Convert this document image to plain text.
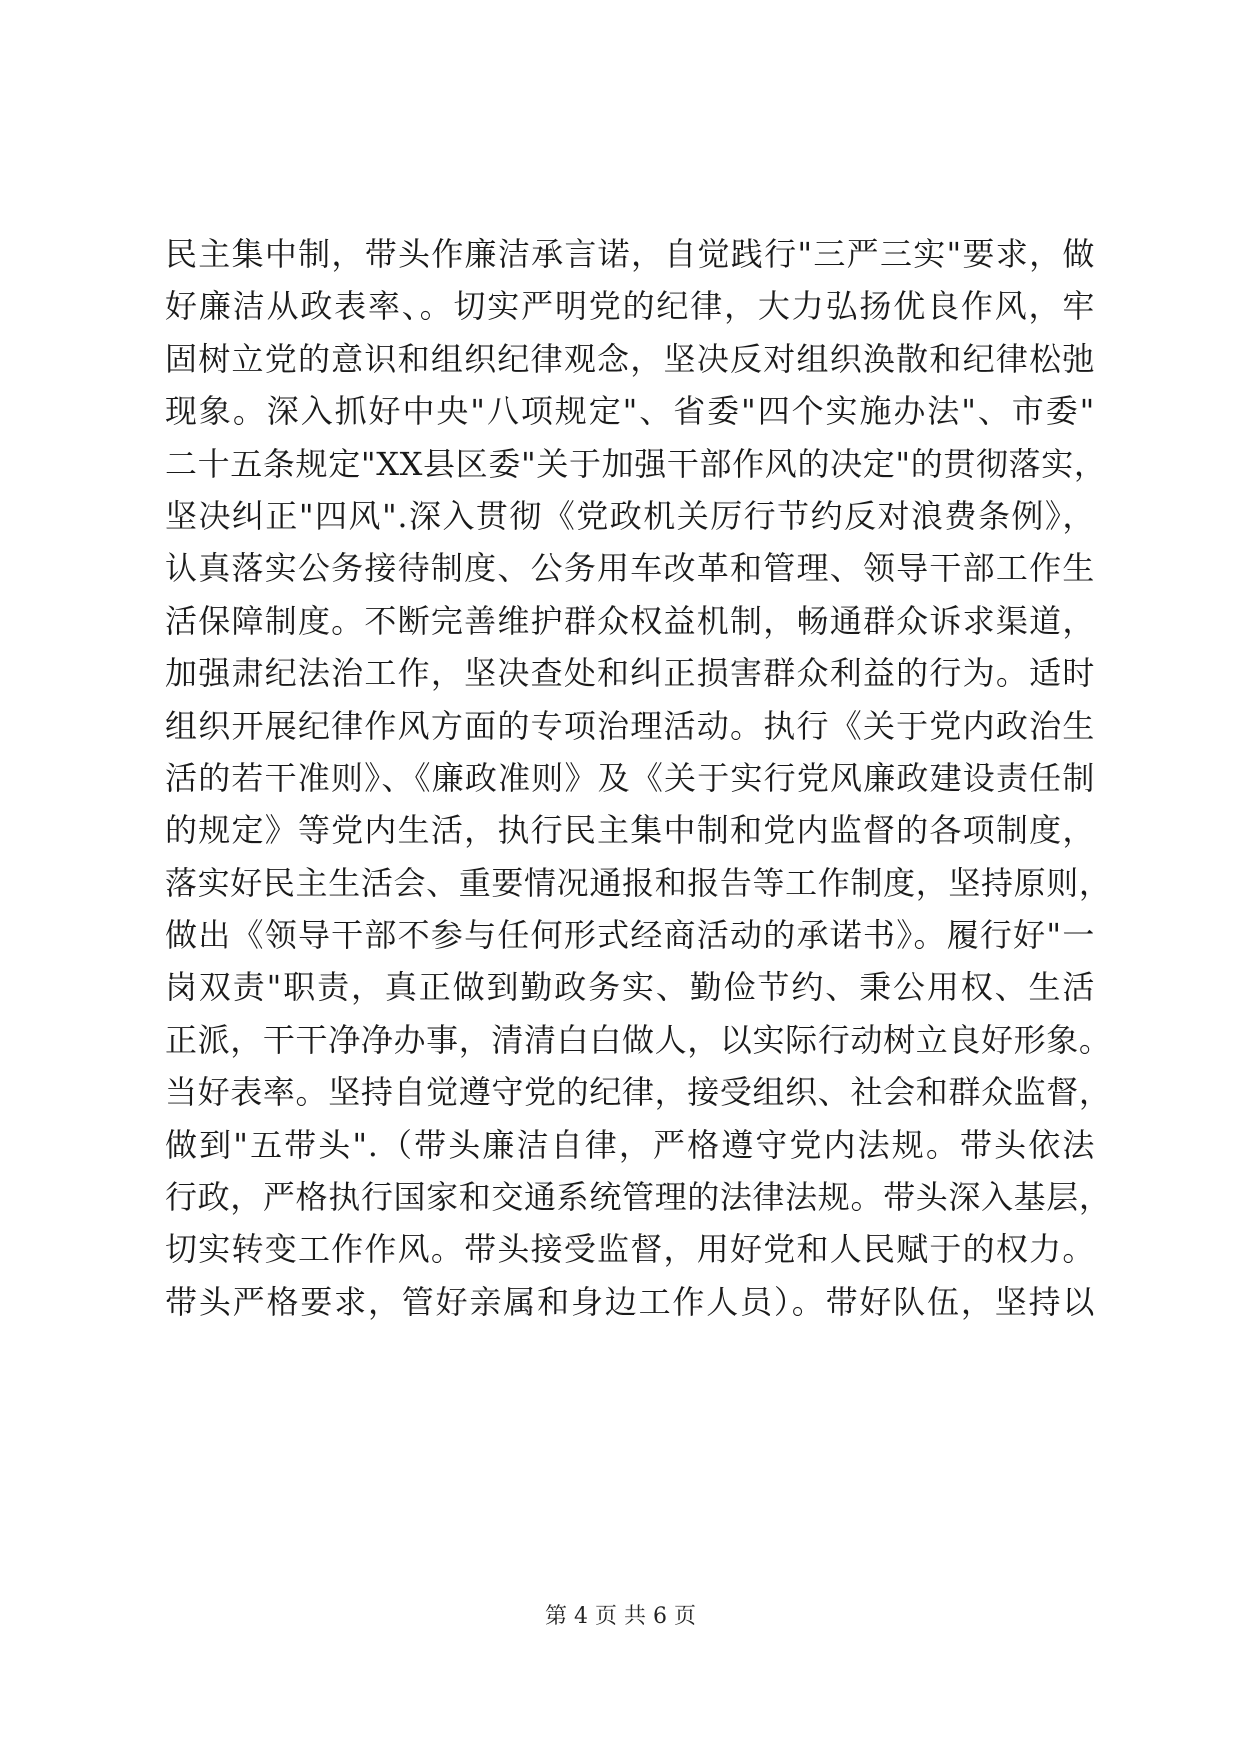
民主集中制，带头作廉洁承言诺，自觉践行"三严三实"要求，做
好廉洁从政表率、。切实严明党的纪律，大力弘扬优良作风，牢
固树立党的意识和组织纪律观念，坚决反对组织涣散和纪律松弛
现象。深入抓好中央"八项规定"、省委"四个实施办法"、市委"
二十五条规定"XX县区委"关于加强干部作风的决定"的贯彻落实，
坚决纠正"四风".深入贯彻《党政机关厉行节约反对浪费条例》，
认真落实公务接待制度、公务用车改革和管理、领导干部工作生
活保障制度。不断完善维护群众权益机制，畅通群众诉求渠道，
加强肃纪法治工作，坚决查处和纠正损害群众利益的行为。适时
组织开展纪律作风方面的专项治理活动。执行《关于党内政治生
活的若干准则》、《廉政准则》及《关于实行党风廉政建设责任制
的规定》等党内生活，执行民主集中制和党内监督的各项制度，
落实好民主生活会、重要情况通报和报告等工作制度，坚持原则，
做出《领导干部不参与任何形式经商活动的承诺书》。履行好"一
岗双责"职责，真正做到勤政务实、勤俭节约、秉公用权、生活
正派，干干净净办事，清清白白做人，以实际行动树立良好形象。
当好表率。坚持自觉遵守党的纪律，接受组织、社会和群众监督，
做到"五带头".（带头廉洁自律，严格遵守党内法规。带头依法
行政，严格执行国家和交通系统管理的法律法规。带头深入基层，
切实转变工作作风。带头接受监督，用好党和人民赋于的权力。
带头严格要求，管好亲属和身边工作人员）。带好队伍，坚持以
第 4 页 共 6 页
